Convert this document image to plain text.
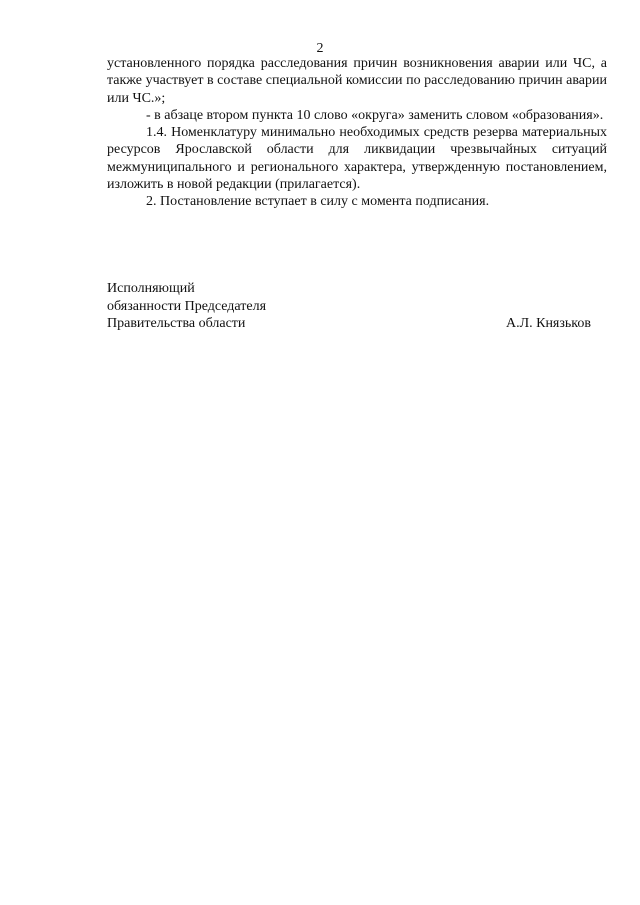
2

установленного порядка расследования причин возникновения аварии или ЧС, а также участвует в составе специальной комиссии по расследованию причин аварии или ЧС.»;

- в абзаце втором пункта 10 слово «округа» заменить словом «образования».

1.4. Номенклатуру минимально необходимых средств резерва материальных ресурсов Ярославской области для ликвидации чрезвычайных ситуаций межмуниципального и регионального характера, утвержденную постановлением, изложить в новой редакции (прилагается).

2. Постановление вступает в силу с момента подписания.

Исполняющий
обязанности Председателя
Правительства области	А.Л. Князьков
